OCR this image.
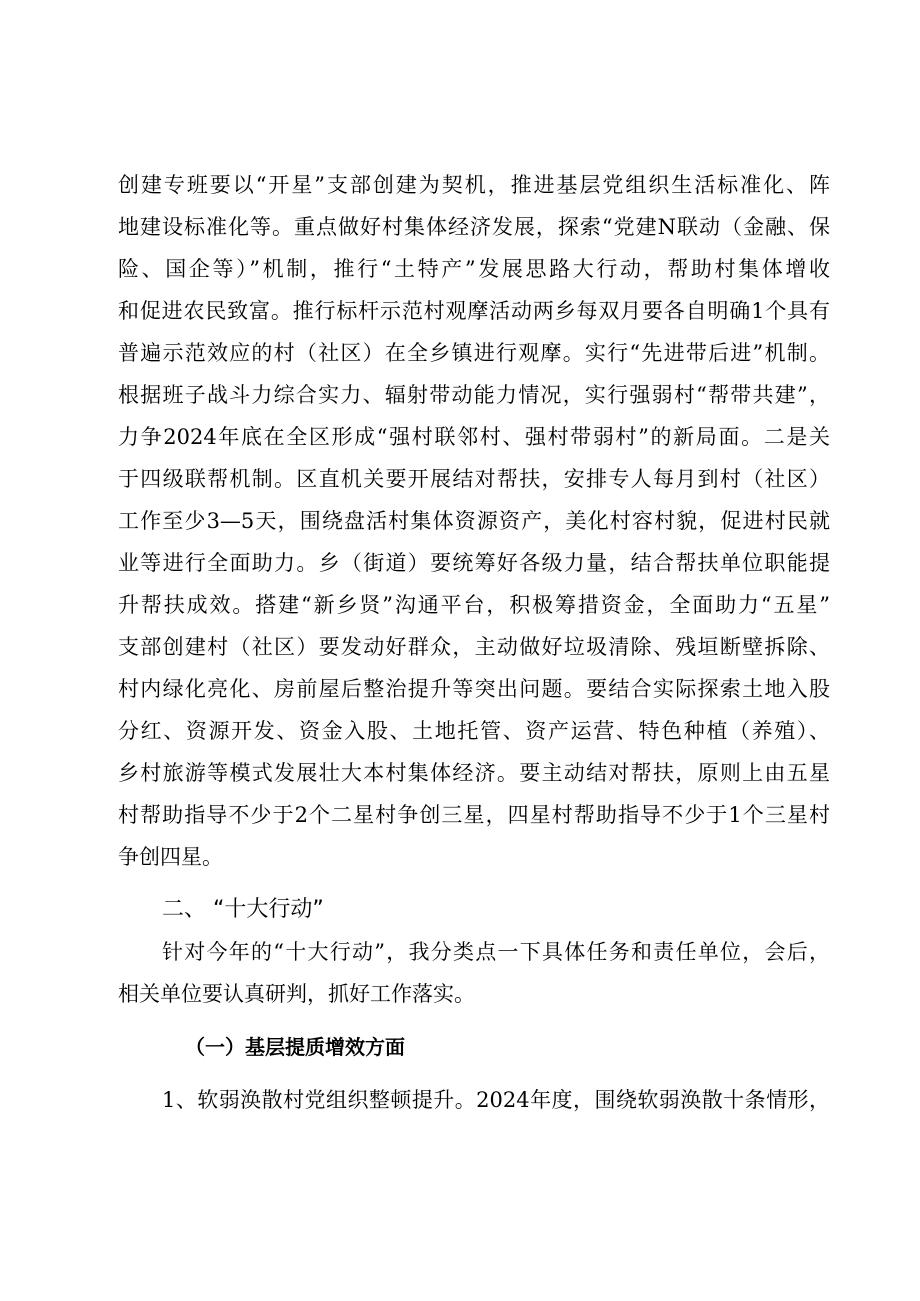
创建专班要以“开星”支部创建为契机，推进基层党组织生活标准化、阵
地建设标准化等。重点做好村集体经济发展，探索“党建N联动（金融、保
险、国企等）”机制，推行“土特产”发展思路大行动，帮助村集体增收
和促进农民致富。推行标杆示范村观摩活动两乡每双月要各自明确1个具有
普遍示范效应的村（社区）在全乡镇进行观摩。实行“先进带后进”机制。
根据班子战斗力综合实力、辐射带动能力情况，实行强弱村“帮带共建”，
力争2024年底在全区形成“强村联邻村、强村带弱村”的新局面。二是关
于四级联帮机制。区直机关要开展结对帮扶，安排专人每月到村（社区）
工作至少3—5天，围绕盘活村集体资源资产，美化村容村貌，促进村民就
业等进行全面助力。乡（街道）要统筹好各级力量，结合帮扶单位职能提
升帮扶成效。搭建“新乡贤”沟通平台，积极筹措资金，全面助力“五星”
支部创建村（社区）要发动好群众，主动做好垃圾清除、残垣断壁拆除、
村内绿化亮化、房前屋后整治提升等突出问题。要结合实际探索土地入股
分红、资源开发、资金入股、土地托管、资产运营、特色种植（养殖）、
乡村旅游等模式发展壮大本村集体经济。要主动结对帮扶，原则上由五星
村帮助指导不少于2个二星村争创三星，四星村帮助指导不少于1个三星村
争创四星。
二、 “十大行动”
针对今年的“十大行动”，我分类点一下具体任务和责任单位，会后，
相关单位要认真研判，抓好工作落实。
（一）基层提质增效方面
1、软弱涣散村党组织整顿提升。2024年度，围绕软弱涣散十条情形，
